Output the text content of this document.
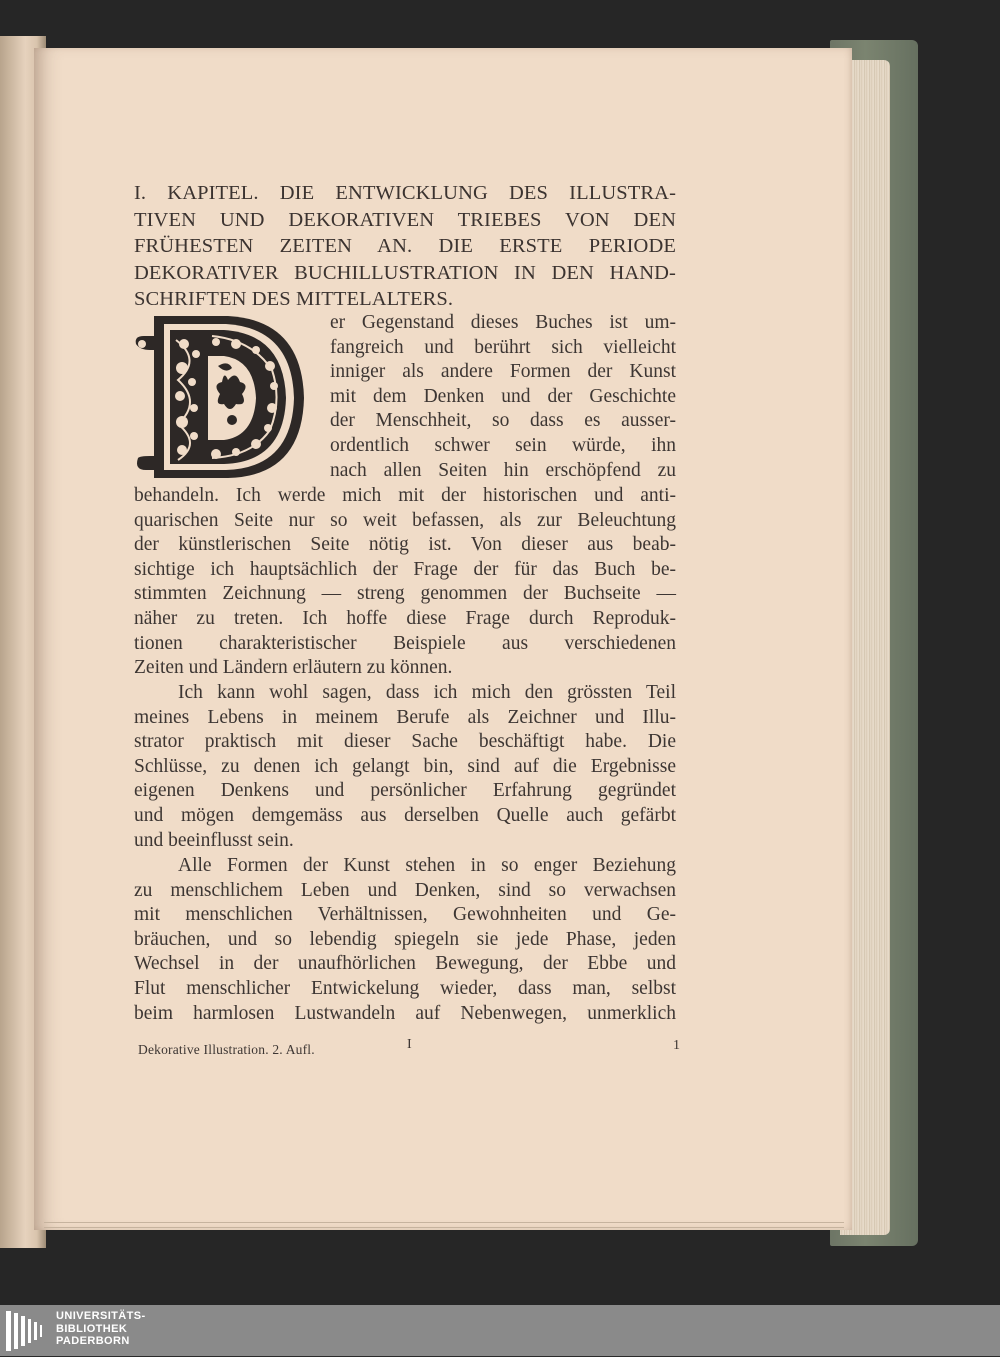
I. KAPITEL. DIE ENTWICKLUNG DES ILLUSTRA-
TIVEN UND DEKORATIVEN TRIEBES VON DEN
FRÜHESTEN ZEITEN AN. DIE ERSTE PERIODE
DEKORATIVER BUCHILLUSTRATION IN DEN HAND-
SCHRIFTEN DES MITTELALTERS.
er Gegenstand dieses Buches ist um-
fangreich und berührt sich vielleicht
inniger als andere Formen der Kunst
mit dem Denken und der Geschichte
der Menschheit, so dass es ausser-
ordentlich schwer sein würde, ihn
nach allen Seiten hin erschöpfend zu
behandeln. Ich werde mich mit der historischen und anti-
quarischen Seite nur so weit befassen, als zur Beleuchtung
der künstlerischen Seite nötig ist. Von dieser aus beab-
sichtige ich hauptsächlich der Frage der für das Buch be-
stimmten Zeichnung — streng genommen der Buchseite —
näher zu treten. Ich hoffe diese Frage durch Reproduk-
tionen charakteristischer Beispiele aus verschiedenen
Zeiten und Ländern erläutern zu können.
Ich kann wohl sagen, dass ich mich den grössten Teil
meines Lebens in meinem Berufe als Zeichner und Illu-
strator praktisch mit dieser Sache beschäftigt habe. Die
Schlüsse, zu denen ich gelangt bin, sind auf die Ergebnisse
eigenen Denkens und persönlicher Erfahrung gegründet
und mögen demgemäss aus derselben Quelle auch gefärbt
und beeinflusst sein.
Alle Formen der Kunst stehen in so enger Beziehung
zu menschlichem Leben und Denken, sind so verwachsen
mit menschlichen Verhältnissen, Gewohnheiten und Ge-
bräuchen, und so lebendig spiegeln sie jede Phase, jeden
Wechsel in der unaufhörlichen Bewegung, der Ebbe und
Flut menschlicher Entwickelung wieder, dass man, selbst
beim harmlosen Lustwandeln auf Nebenwegen, unmerklich
Dekorative Illustration. 2. Aufl.	I	1
UNIVERSITÄTS-
BIBLIOTHEK
PADERBORN
